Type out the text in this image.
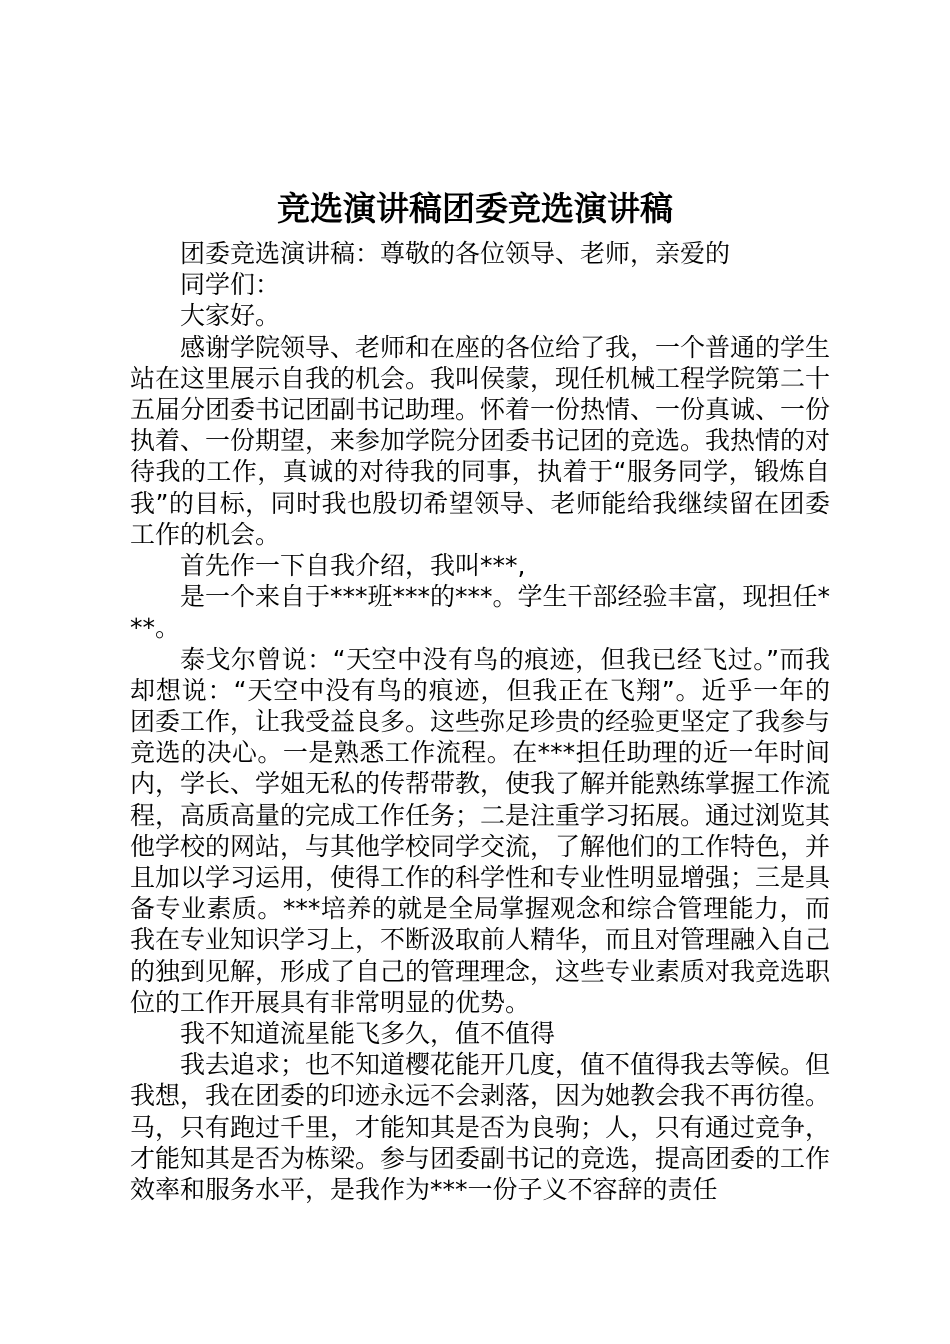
竞选演讲稿团委竞选演讲稿

团委竞选演讲稿：尊敬的各位领导、老师，亲爱的

同学们：

大家好。

感谢学院领导、老师和在座的各位给了我，一个普通的学生站在这里展示自我的机会。我叫侯蒙，现任机械工程学院第二十五届分团委书记团副书记助理。怀着一份热情、一份真诚、一份执着、一份期望，来参加学院分团委书记团的竞选。我热情的对待我的工作，真诚的对待我的同事，执着于“服务同学，锻炼自我”的目标，同时我也殷切希望领导、老师能给我继续留在团委工作的机会。

首先作一下自我介绍，我叫***,

是一个来自于***班***的***。学生干部经验丰富，现担任***。

泰戈尔曾说：“天空中没有鸟的痕迹，但我已经飞过。”而我却想说：“天空中没有鸟的痕迹，但我正在飞翔”。近乎一年的团委工作，让我受益良多。这些弥足珍贵的经验更坚定了我参与竞选的决心。一是熟悉工作流程。在***担任助理的近一年时间内，学长、学姐无私的传帮带教，使我了解并能熟练掌握工作流程，高质高量的完成工作任务；二是注重学习拓展。通过浏览其他学校的网站，与其他学校同学交流，了解他们的工作特色，并且加以学习运用，使得工作的科学性和专业性明显增强；三是具备专业素质。***培养的就是全局掌握观念和综合管理能力，而我在专业知识学习上，不断汲取前人精华，而且对管理融入自己的独到见解，形成了自己的管理理念，这些专业素质对我竞选职位的工作开展具有非常明显的优势。

我不知道流星能飞多久，值不值得

我去追求；也不知道樱花能开几度，值不值得我去等候。但我想，我在团委的印迹永远不会剥落，因为她教会我不再彷徨。马，只有跑过千里，才能知其是否为良驹；人，只有通过竞争，才能知其是否为栋梁。参与团委副书记的竞选，提高团委的工作效率和服务水平，是我作为***一份子义不容辞的责任
